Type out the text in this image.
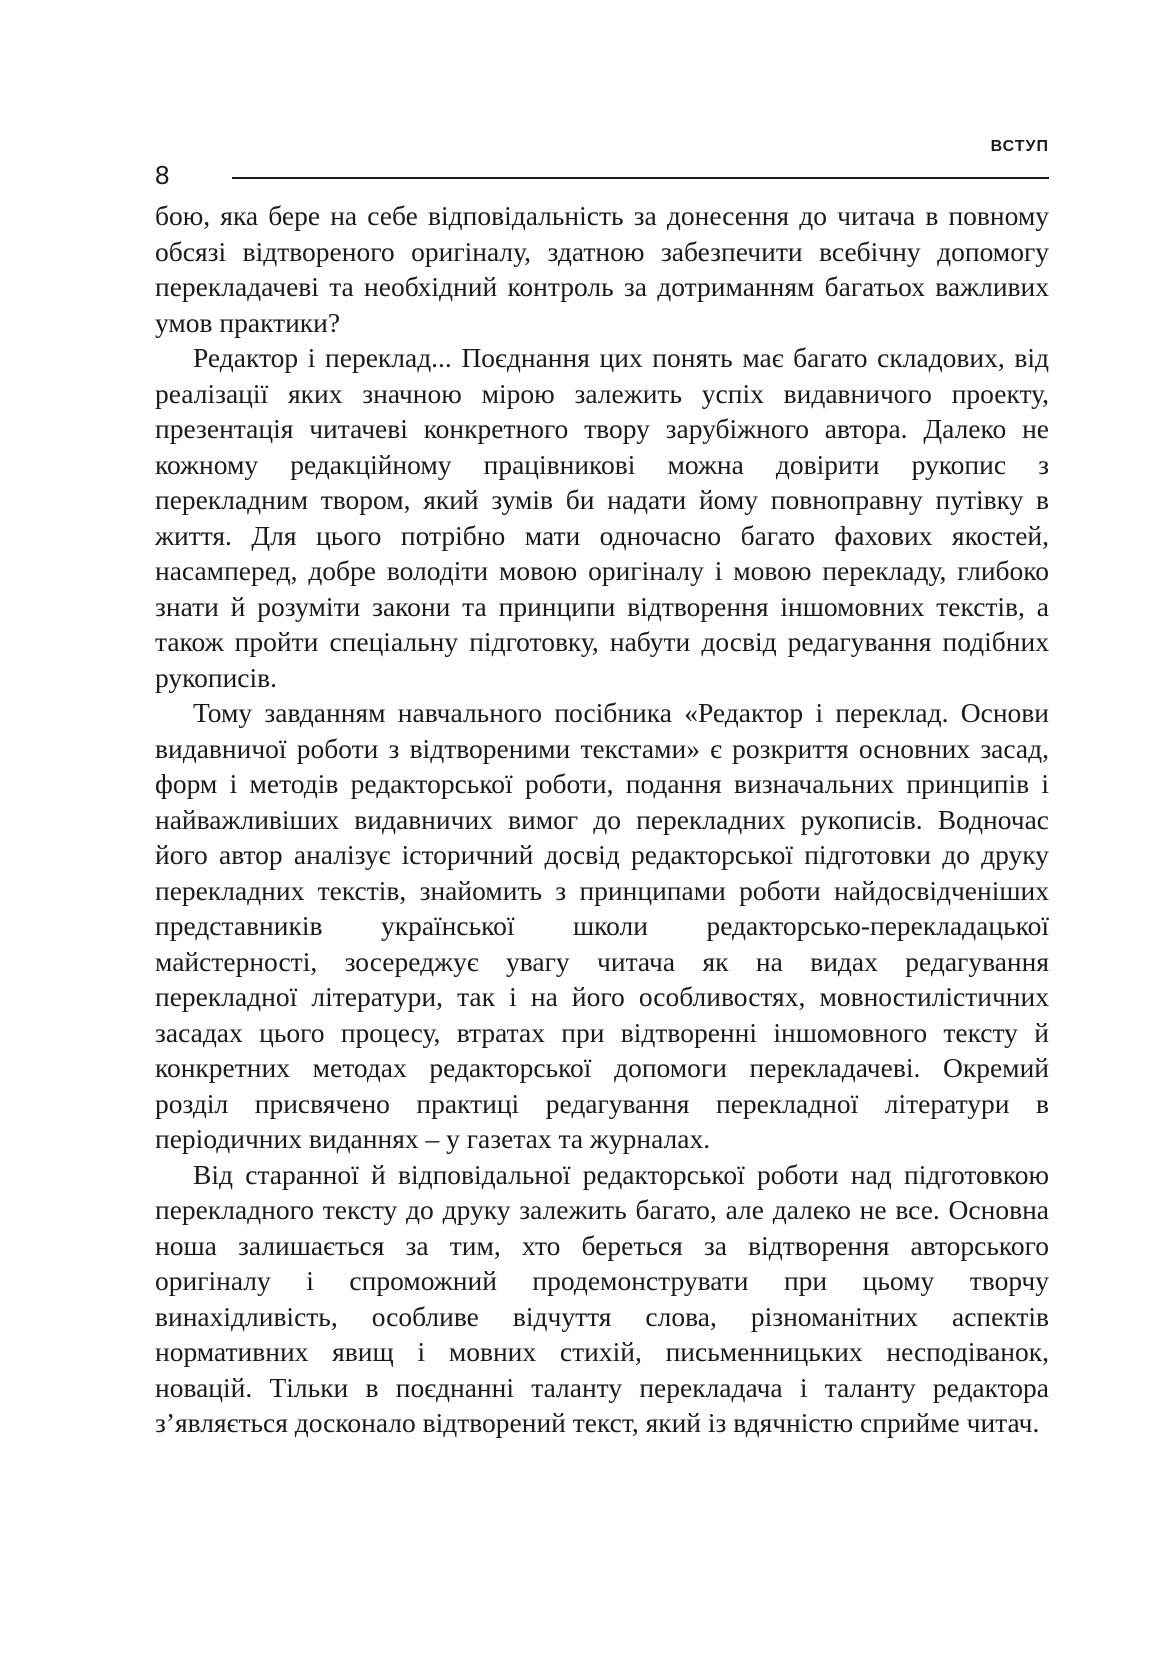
ВСТУП
8

бою, яка бере на себе відповідальність за донесення до читача в повному обсязі відтвореного оригіналу, здатною забезпечити всебічну допомогу перекладачеві та необхідний контроль за дотриманням багатьох важливих умов практики?

Редактор і переклад... Поєднання цих понять має багато складових, від реалізації яких значною мірою залежить успіх видавничого проекту, презентація читачеві конкретного твору зарубіжного автора. Далеко не кожному редакційному працівникові можна довірити рукопис з перекладним твором, який зумів би надати йому повноправну путівку в життя. Для цього потрібно мати одночасно багато фахових якостей, насамперед, добре володіти мовою оригіналу і мовою перекладу, глибоко знати й розуміти закони та принципи відтворення іншомовних текстів, а також пройти спеціальну підготовку, набути досвід редагування подібних рукописів.

Тому завданням навчального посібника «Редактор і переклад. Основи видавничої роботи з відтвореними текстами» є розкриття основних засад, форм і методів редакторської роботи, подання визначальних принципів і найважливіших видавничих вимог до перекладних рукописів. Водночас його автор аналізує історичний досвід редакторської підготовки до друку перекладних текстів, знайомить з принципами роботи найдосвідченіших представників української школи редакторсько-перекладацької майстерності, зосереджує увагу читача як на видах редагування перекладної літератури, так і на його особливостях, мовностилістичних засадах цього процесу, втратах при відтворенні іншомовного тексту й конкретних методах редакторської допомоги перекладачеві. Окремий розділ присвячено практиці редагування перекладної літератури в періодичних виданнях – у газетах та журналах.

Від старанної й відповідальної редакторської роботи над підготовкою перекладного тексту до друку залежить багато, але далеко не все. Основна ноша залишається за тим, хто береться за відтворення авторського оригіналу і спроможний продемонструвати при цьому творчу винахідливість, особливе відчуття слова, різноманітних аспектів нормативних явищ і мовних стихій, письменницьких несподіванок, новацій. Тільки в поєднанні таланту перекладача і таланту редактора з’являється досконало відтворений текст, який із вдячністю сприйме читач.
